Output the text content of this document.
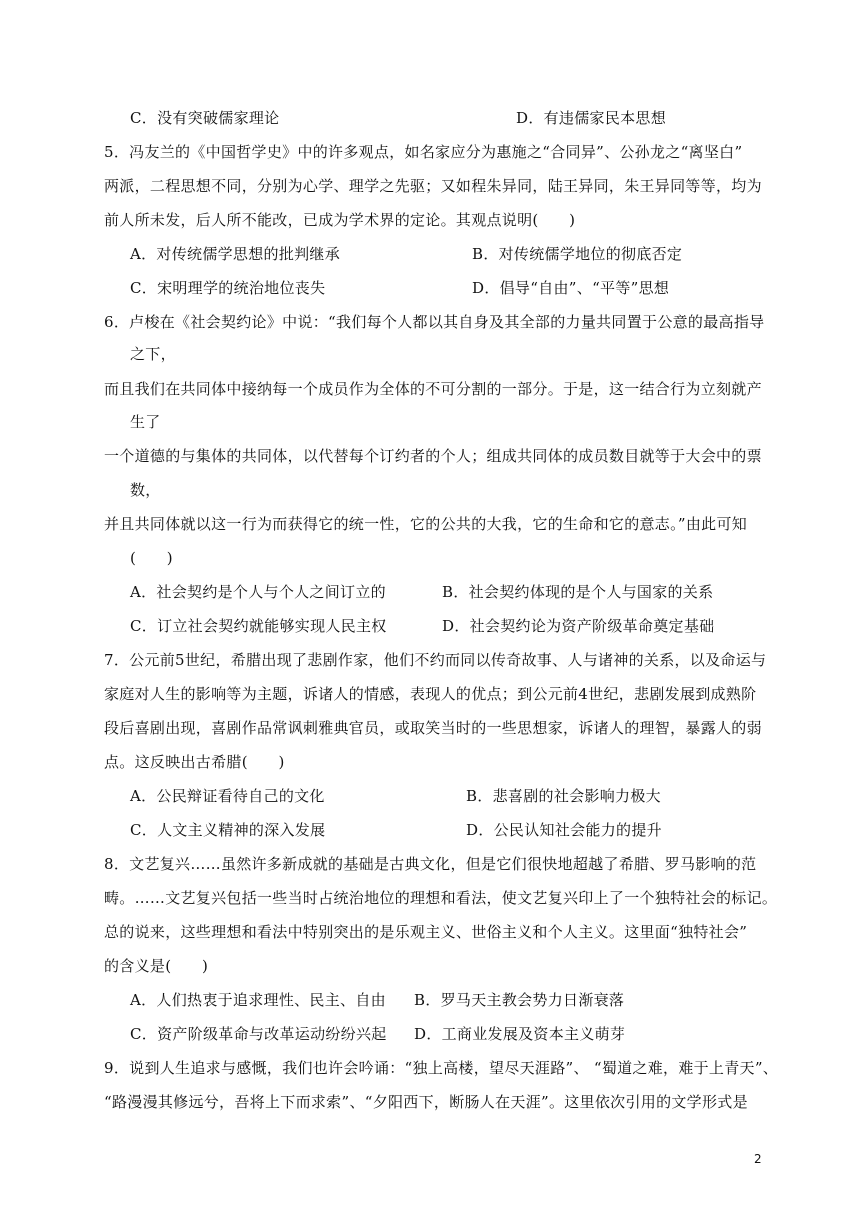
C．没有突破儒家理论	D．有违儒家民本思想
5．冯友兰的《中国哲学史》中的许多观点，如名家应分为惠施之“合同异”、公孙龙之“离坚白”
两派，二程思想不同，分别为心学、理学之先驱；又如程朱异同，陆王异同，朱王异同等等，均为
前人所未发，后人所不能改，已成为学术界的定论。其观点说明(　　)
A．对传统儒学思想的批判继承	B．对传统儒学地位的彻底否定
C．宋明理学的统治地位丧失	D．倡导“自由”、“平等”思想
6．卢梭在《社会契约论》中说：“我们每个人都以其自身及其全部的力量共同置于公意的最高指导
之下，
而且我们在共同体中接纳每一个成员作为全体的不可分割的一部分。于是，这一结合行为立刻就产
生了
一个道德的与集体的共同体，以代替每个订约者的个人；组成共同体的成员数目就等于大会中的票
数，
并且共同体就以这一行为而获得它的统一性，它的公共的大我，它的生命和它的意志。”由此可知
(　　)
A．社会契约是个人与个人之间订立的	B．社会契约体现的是个人与国家的关系
C．订立社会契约就能够实现人民主权	D．社会契约论为资产阶级革命奠定基础
7．公元前5世纪，希腊出现了悲剧作家，他们不约而同以传奇故事、人与诸神的关系，以及命运与
家庭对人生的影响等为主题，诉诸人的情感，表现人的优点；到公元前4世纪，悲剧发展到成熟阶
段后喜剧出现，喜剧作品常讽刺雅典官员，或取笑当时的一些思想家，诉诸人的理智，暴露人的弱
点。这反映出古希腊(　　)
A．公民辩证看待自己的文化	B．悲喜剧的社会影响力极大
C．人文主义精神的深入发展	D．公民认知社会能力的提升
8．文艺复兴……虽然许多新成就的基础是古典文化，但是它们很快地超越了希腊、罗马影响的范
畴。……文艺复兴包括一些当时占统治地位的理想和看法，使文艺复兴印上了一个独特社会的标记。
总的说来，这些理想和看法中特别突出的是乐观主义、世俗主义和个人主义。这里面“独特社会”
的含义是(　　)
A．人们热衷于追求理性、民主、自由 B．罗马天主教会势力日渐衰落
C．资产阶级革命与改革运动纷纷兴起 D．工商业发展及资本主义萌芽
9．说到人生追求与感慨，我们也许会吟诵：“独上高楼，望尽天涯路”、 “蜀道之难，难于上青天”、
“路漫漫其修远兮，吾将上下而求索”、“夕阳西下，断肠人在天涯”。这里依次引用的文学形式是
2
